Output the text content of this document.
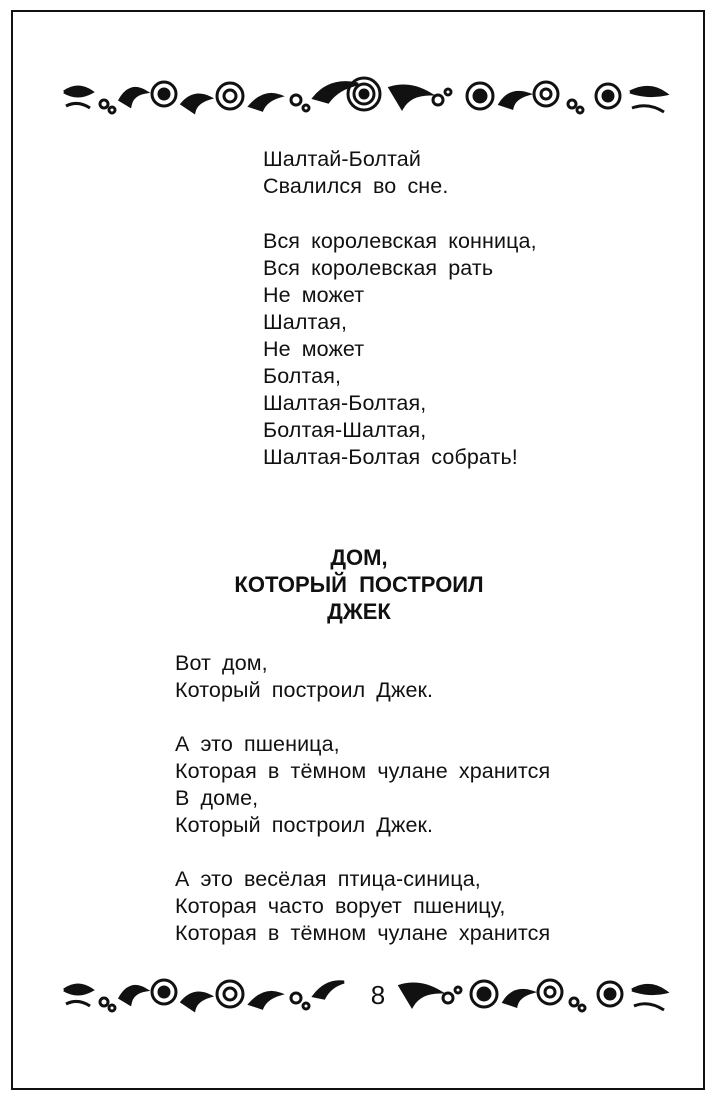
Шалтай-Болтай
Свалился во сне.
Вся королевская конница,
Вся королевская рать
Не может
Шалтая,
Не может
Болтая,
Шалтая-Болтая,
Болтая-Шалтая,
Шалтая-Болтая собрать!
ДОМ,
КОТОРЫЙ ПОСТРОИЛ
ДЖЕК
Вот дом,
Который построил Джек.
А это пшеница,
Которая в тёмном чулане хранится
В доме,
Который построил Джек.
А это весёлая птица-синица,
Которая часто ворует пшеницу,
Которая в тёмном чулане хранится
8
